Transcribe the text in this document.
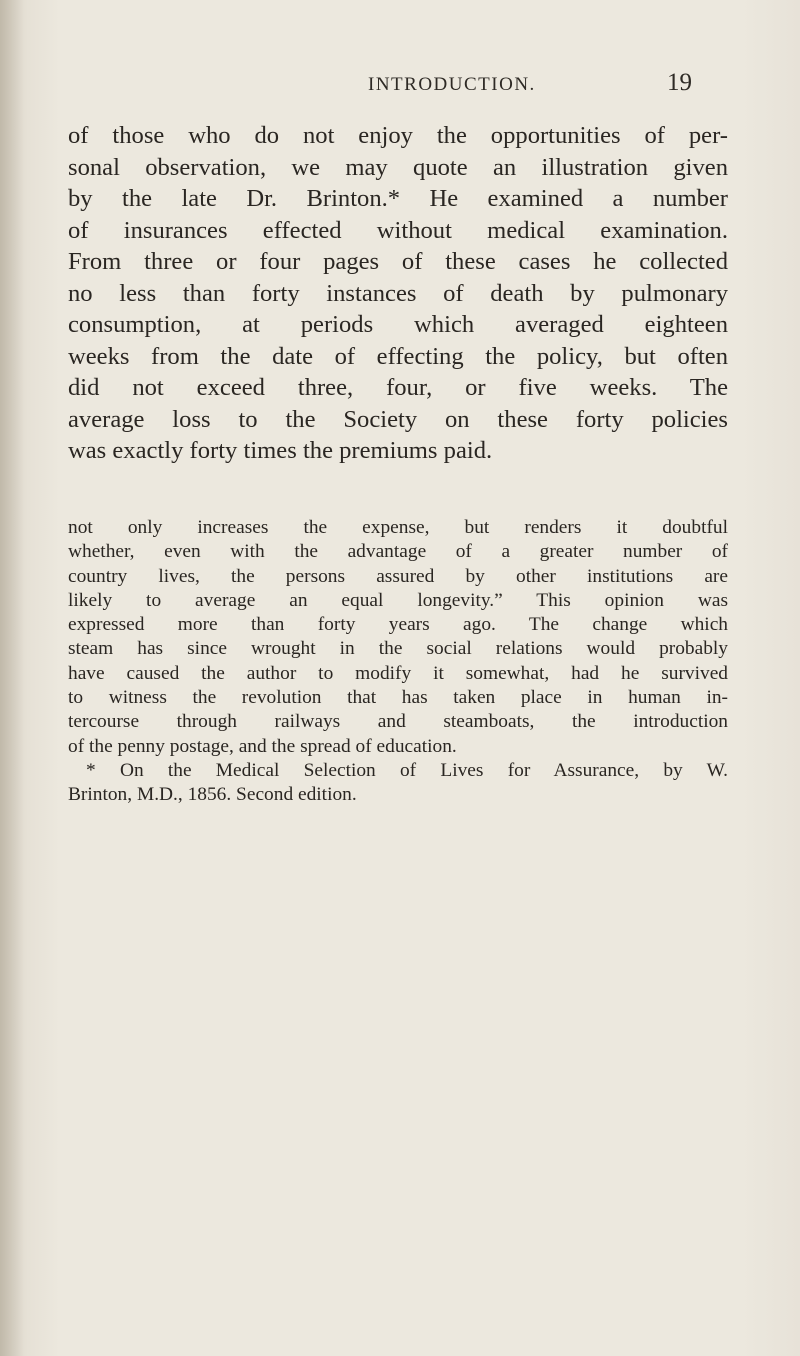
INTRODUCTION.	19
of those who do not enjoy the opportunities of per-
sonal observation, we may quote an illustration given
by the late Dr. Brinton.* He examined a number
of insurances effected without medical examination.
From three or four pages of these cases he collected
no less than forty instances of death by pulmonary
consumption, at periods which averaged eighteen
weeks from the date of effecting the policy, but often
did not exceed three, four, or five weeks. The
average loss to the Society on these forty policies
was exactly forty times the premiums paid.
not only increases the expense, but renders it doubtful
whether, even with the advantage of a greater number of
country lives, the persons assured by other institutions are
likely to average an equal longevity.” This opinion was
expressed more than forty years ago. The change which
steam has since wrought in the social relations would probably
have caused the author to modify it somewhat, had he survived
to witness the revolution that has taken place in human in-
tercourse through railways and steamboats, the introduction
of the penny postage, and the spread of education.
* On the Medical Selection of Lives for Assurance, by W.
Brinton, M.D., 1856. Second edition.
